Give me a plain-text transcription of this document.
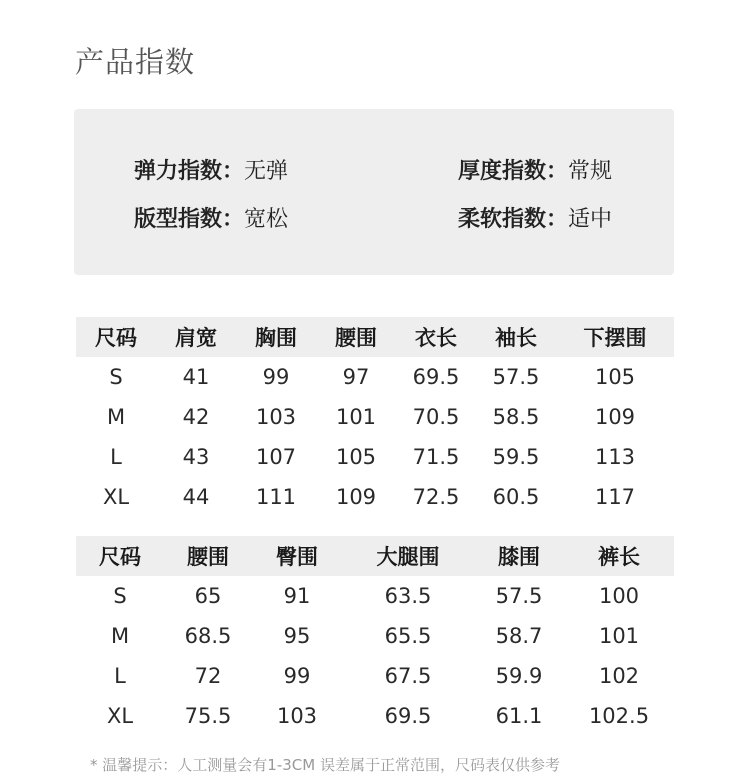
产品指数
弹力指数：无弹	厚度指数：常规
版型指数：宽松	柔软指数：适中
尺码	肩宽	胸围	腰围	衣长	袖长	下摆围
S	41	99	97	69.5	57.5	105
M	42	103	101	70.5	58.5	109
L	43	107	105	71.5	59.5	113
XL	44	111	109	72.5	60.5	117
尺码	腰围	臀围	大腿围	膝围	裤长
S	65	91	63.5	57.5	100
M	68.5	95	65.5	58.7	101
L	72	99	67.5	59.9	102
XL	75.5	103	69.5	61.1	102.5
* 温馨提示：人工测量会有1-3CM 误差属于正常范围，尺码表仅供参考
